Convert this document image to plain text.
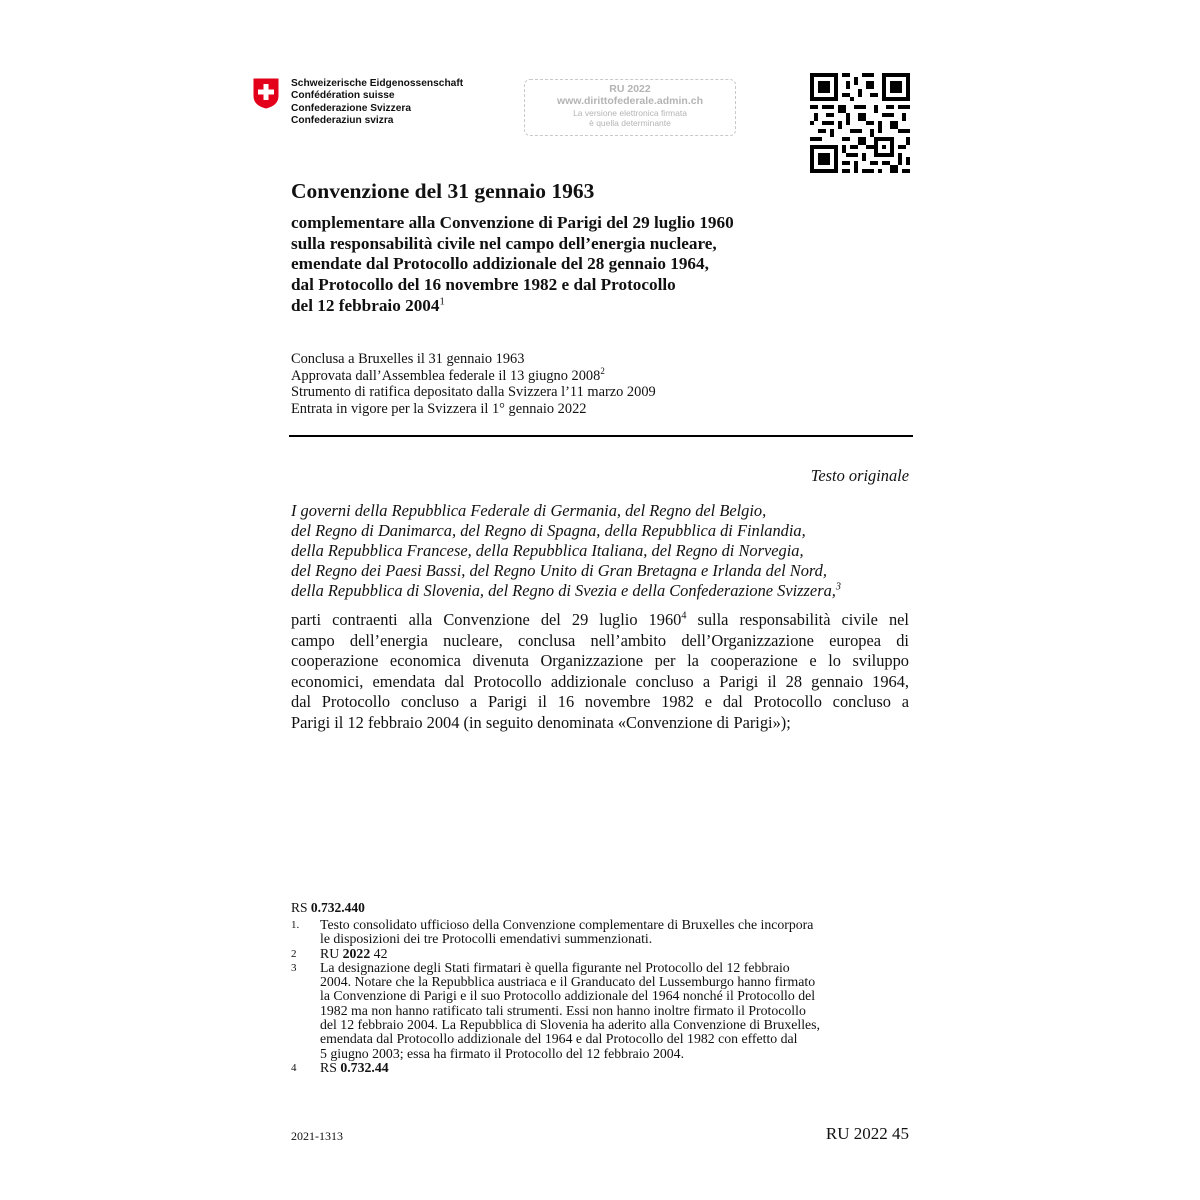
Schweizerische Eidgenossenschaft
Confédération suisse
Confederazione Svizzera
Confederaziun svizra
RU 2022
www.dirittofederale.admin.ch
La versione elettronica firmata
è quella determinante
Convenzione del 31 gennaio 1963
complementare alla Convenzione di Parigi del 29 luglio 1960
sulla responsabilità civile nel campo dell’energia nucleare,
emendate dal Protocollo addizionale del 28 gennaio 1964,
dal Protocollo del 16 novembre 1982 e dal Protocollo
del 12 febbraio 2004$^1$
Conclusa a Bruxelles il 31 gennaio 1963
Approvata dall’Assemblea federale il 13 giugno 2008$^2$
Strumento di ratifica depositato dalla Svizzera l’11 marzo 2009
Entrata in vigore per la Svizzera il 1° gennaio 2022
Testo originale
I governi della Repubblica Federale di Germania, del Regno del Belgio,
del Regno di Danimarca, del Regno di Spagna, della Repubblica di Finlandia,
della Repubblica Francese, della Repubblica Italiana, del Regno di Norvegia,
del Regno dei Paesi Bassi, del Regno Unito di Gran Bretagna e Irlanda del Nord,
della Repubblica di Slovenia, del Regno di Svezia e della Confederazione Svizzera,$^3$
parti contraenti alla Convenzione del 29 luglio 1960$^4$ sulla responsabilità civile nel
campo dell’energia nucleare, conclusa nell’ambito dell’Organizzazione europea di
cooperazione economica divenuta Organizzazione per la cooperazione e lo sviluppo
economici, emendata dal Protocollo addizionale concluso a Parigi il 28 gennaio 1964,
dal Protocollo concluso a Parigi il 16 novembre 1982 e dal Protocollo concluso a
Parigi il 12 febbraio 2004 (in seguito denominata «Convenzione di Parigi»);
RS 0.732.440
1. Testo consolidato ufficioso della Convenzione complementare di Bruxelles che incorpora
le disposizioni dei tre Protocolli emendativi summenzionati.
2 RU 2022 42
3 La designazione degli Stati firmatari è quella figurante nel Protocollo del 12 febbraio
2004. Notare che la Repubblica austriaca e il Granducato del Lussemburgo hanno firmato
la Convenzione di Parigi e il suo Protocollo addizionale del 1964 nonché il Protocollo del
1982 ma non hanno ratificato tali strumenti. Essi non hanno inoltre firmato il Protocollo
del 12 febbraio 2004. La Repubblica di Slovenia ha aderito alla Convenzione di Bruxelles,
emendata dal Protocollo addizionale del 1964 e dal Protocollo del 1982 con effetto dal
5 giugno 2003; essa ha firmato il Protocollo del 12 febbraio 2004.
4 RS 0.732.44
2021-1313	RU 2022 45
